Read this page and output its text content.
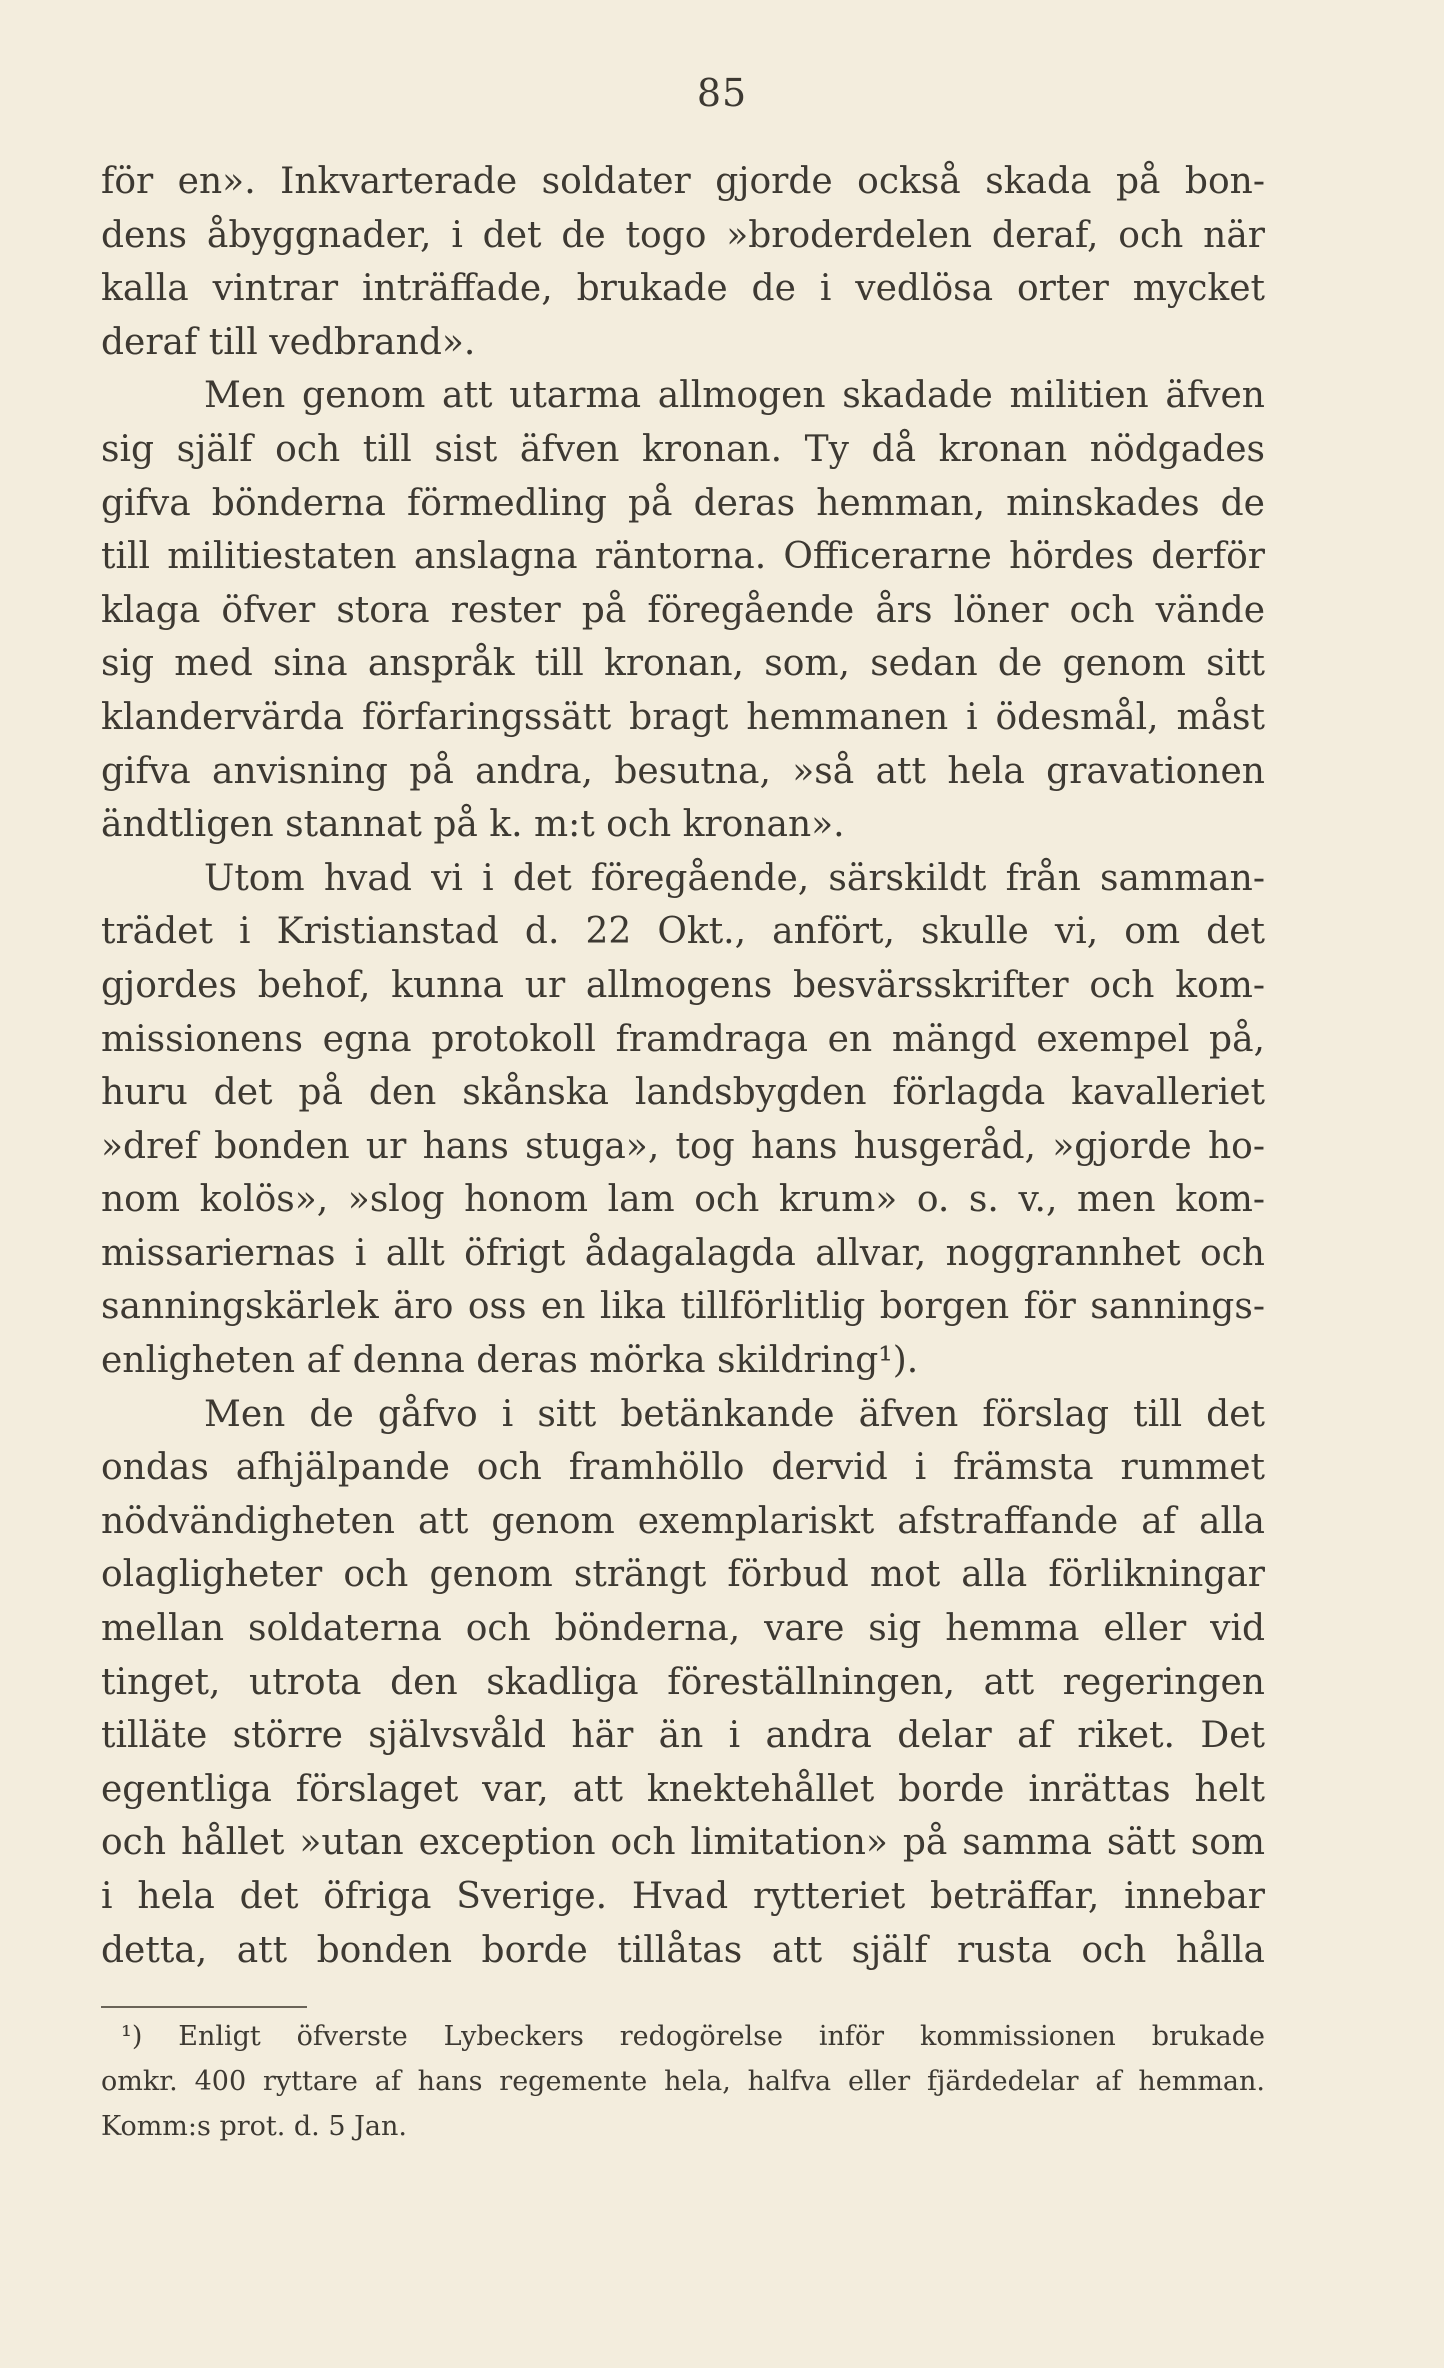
85
för en». Inkvarterade soldater gjorde också skada på bon-
dens åbyggnader, i det de togo »broderdelen deraf, och när
kalla vintrar inträffade, brukade de i vedlösa orter mycket
deraf till vedbrand».
Men genom att utarma allmogen skadade militien äfven
sig själf och till sist äfven kronan. Ty då kronan nödgades
gifva bönderna förmedling på deras hemman, minskades de
till militiestaten anslagna räntorna. Officerarne hördes derför
klaga öfver stora rester på föregående års löner och vände
sig med sina anspråk till kronan, som, sedan de genom sitt
klandervärda förfaringssätt bragt hemmanen i ödesmål, måst
gifva anvisning på andra, besutna, »så att hela gravationen
ändtligen stannat på k. m:t och kronan».
Utom hvad vi i det föregående, särskildt från samman-
trädet i Kristianstad d. 22 Okt., anfört, skulle vi, om det
gjordes behof, kunna ur allmogens besvärsskrifter och kom-
missionens egna protokoll framdraga en mängd exempel på,
huru det på den skånska landsbygden förlagda kavalleriet
»dref bonden ur hans stuga», tog hans husgeråd, »gjorde ho-
nom kolös», »slog honom lam och krum» o. s. v., men kom-
missariernas i allt öfrigt ådagalagda allvar, noggrannhet och
sanningskärlek äro oss en lika tillförlitlig borgen för sannings-
enligheten af denna deras mörka skildring¹).
Men de gåfvo i sitt betänkande äfven förslag till det
ondas afhjälpande och framhöllo dervid i främsta rummet
nödvändigheten att genom exemplariskt afstraffande af alla
olagligheter och genom strängt förbud mot alla förlikningar
mellan soldaterna och bönderna, vare sig hemma eller vid
tinget, utrota den skadliga föreställningen, att regeringen
tilläte större självsvåld här än i andra delar af riket. Det
egentliga förslaget var, att knektehållet borde inrättas helt
och hållet »utan exception och limitation» på samma sätt som
i hela det öfriga Sverige. Hvad rytteriet beträffar, innebar
detta, att bonden borde tillåtas att själf rusta och hålla
¹) Enligt öfverste Lybeckers redogörelse inför kommissionen brukade
omkr. 400 ryttare af hans regemente hela, halfva eller fjärdedelar af hemman.
Komm:s prot. d. 5 Jan.
